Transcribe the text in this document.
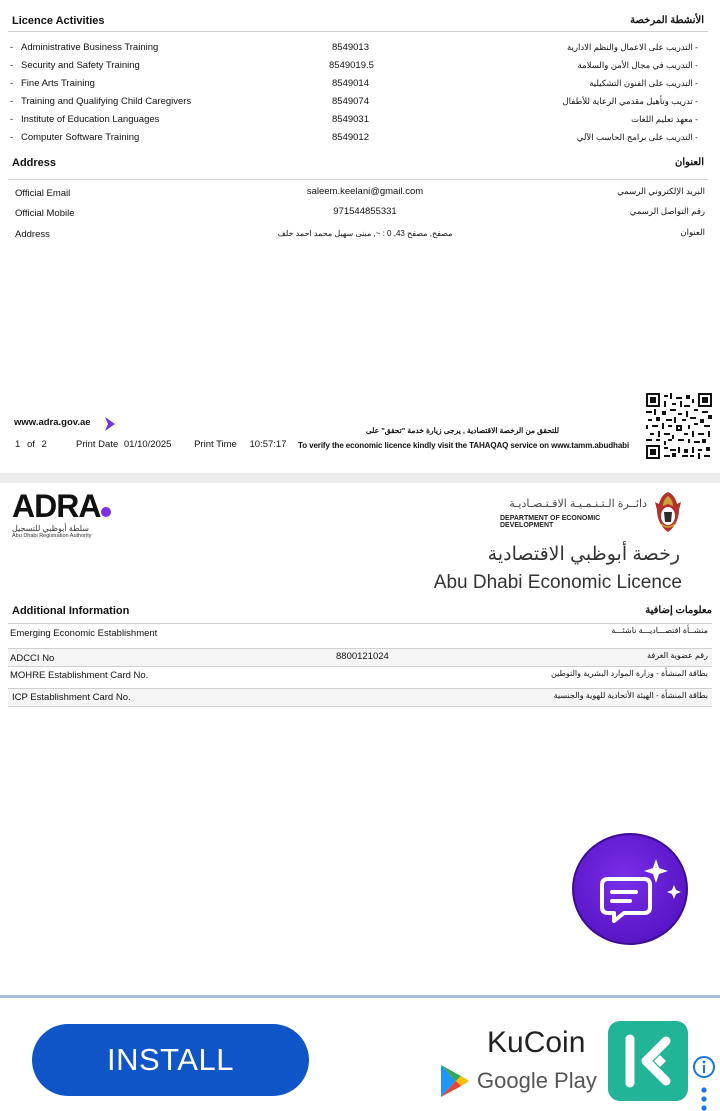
Licence Activities	الأنشطة المرخصة
- Administrative Business Training	8549013	- التدريب على الاعمال والنظم الادارية
- Security and Safety Training	8549019.5	- التدريب في مجال الأمن والسلامة
- Fine Arts Training	8549014	- التدريب على الفنون التشكيلية
- Training and Qualifying Child Caregivers	8549074	- تدريب وتأهيل مقدمي الرعاية للأطفال
- Institute of Education Languages	8549031	- معهد تعليم اللغات
- Computer Software Training	8549012	- التدريب على برامج الحاسب الآلي
Address	العنوان
Official Email	saleem.keelani@gmail.com	البريد الإلكتروني الرسمي
Official Mobile	971544855331	رقم التواصل الرسمي
Address	مصفح, مصفح 43, 0 : ~, مبنى سهيل محمد احمد خلف	العنوان
www.adra.gov.ae
1 of 2	Print Date 01/10/2025 Print Time 10:57:17
للتحقق من الرخصة الاقتصادية , يرجى زيارة خدمة "تحقق" على
To verify the economic licence kindly visit the TAHAQAQ service on www.tamm.abudhabi
ADRA
سلطة أبوظبي للتسجيل
Abu Dhabi Registration Authority
دائــرة الـتـنـمـيـة الاقـتـصـاديـة
DEPARTMENT OF ECONOMIC DEVELOPMENT
رخصة أبوظبي الاقتصادية
Abu Dhabi Economic Licence
Additional Information	معلومات إضافية
Emerging Economic Establishment	منشــأة اقتصـــاديـــة ناشئـــة
ADCCI No	8800121024	رقم عضوية الغرفة
MOHRE Establishment Card No.	بطاقة المنشأة - وزارة الموارد البشرية والتوطين
ICP Establishment Card No.	بطاقة المنشأة - الهيئة الأتحادية للهوية والجنسية
INSTALL	KuCoin
Google Play
